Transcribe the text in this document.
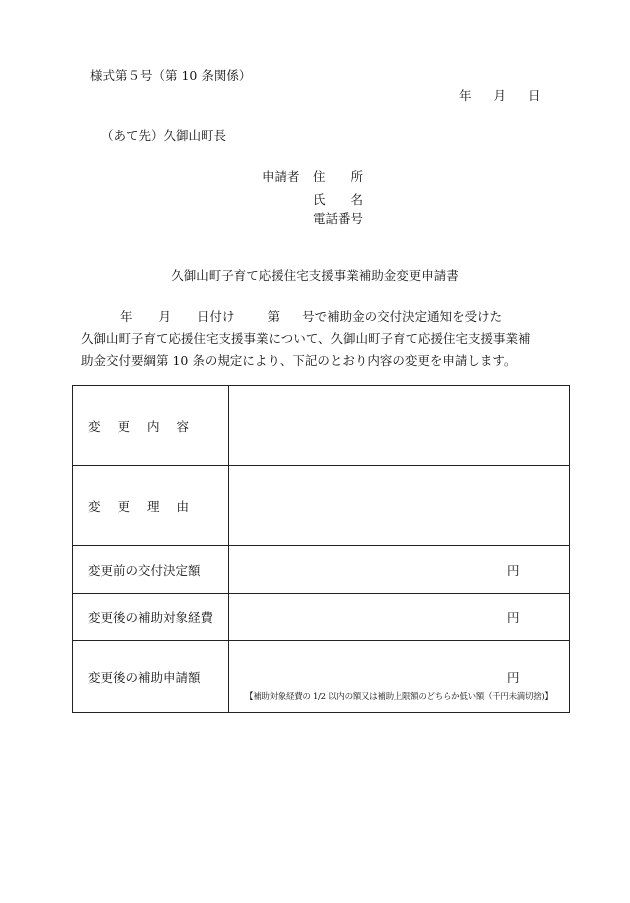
様式第５号（第 10 条関係）
年 月 日
（あて先）久御山町長
申請者 住 所
氏 名
電話番号
久御山町子育て応援住宅支援事業補助金変更申請書
年 月 日付け	第 号で補助金の交付決定通知を受けた
久御山町子育て応援住宅支援事業について、久御山町子育て応援住宅支援事業補
助金交付要綱第 10 条の規定により、下記のとおり内容の変更を申請します。
変 更 内 容	
変 更 理 由	
変更前の交付決定額	円

変更後の補助対象経費	円

変更後の補助申請額	円
【補助対象経費の 1/2 以内の額又は補助上限額のどちらか低い額（千円未満切捨)】
